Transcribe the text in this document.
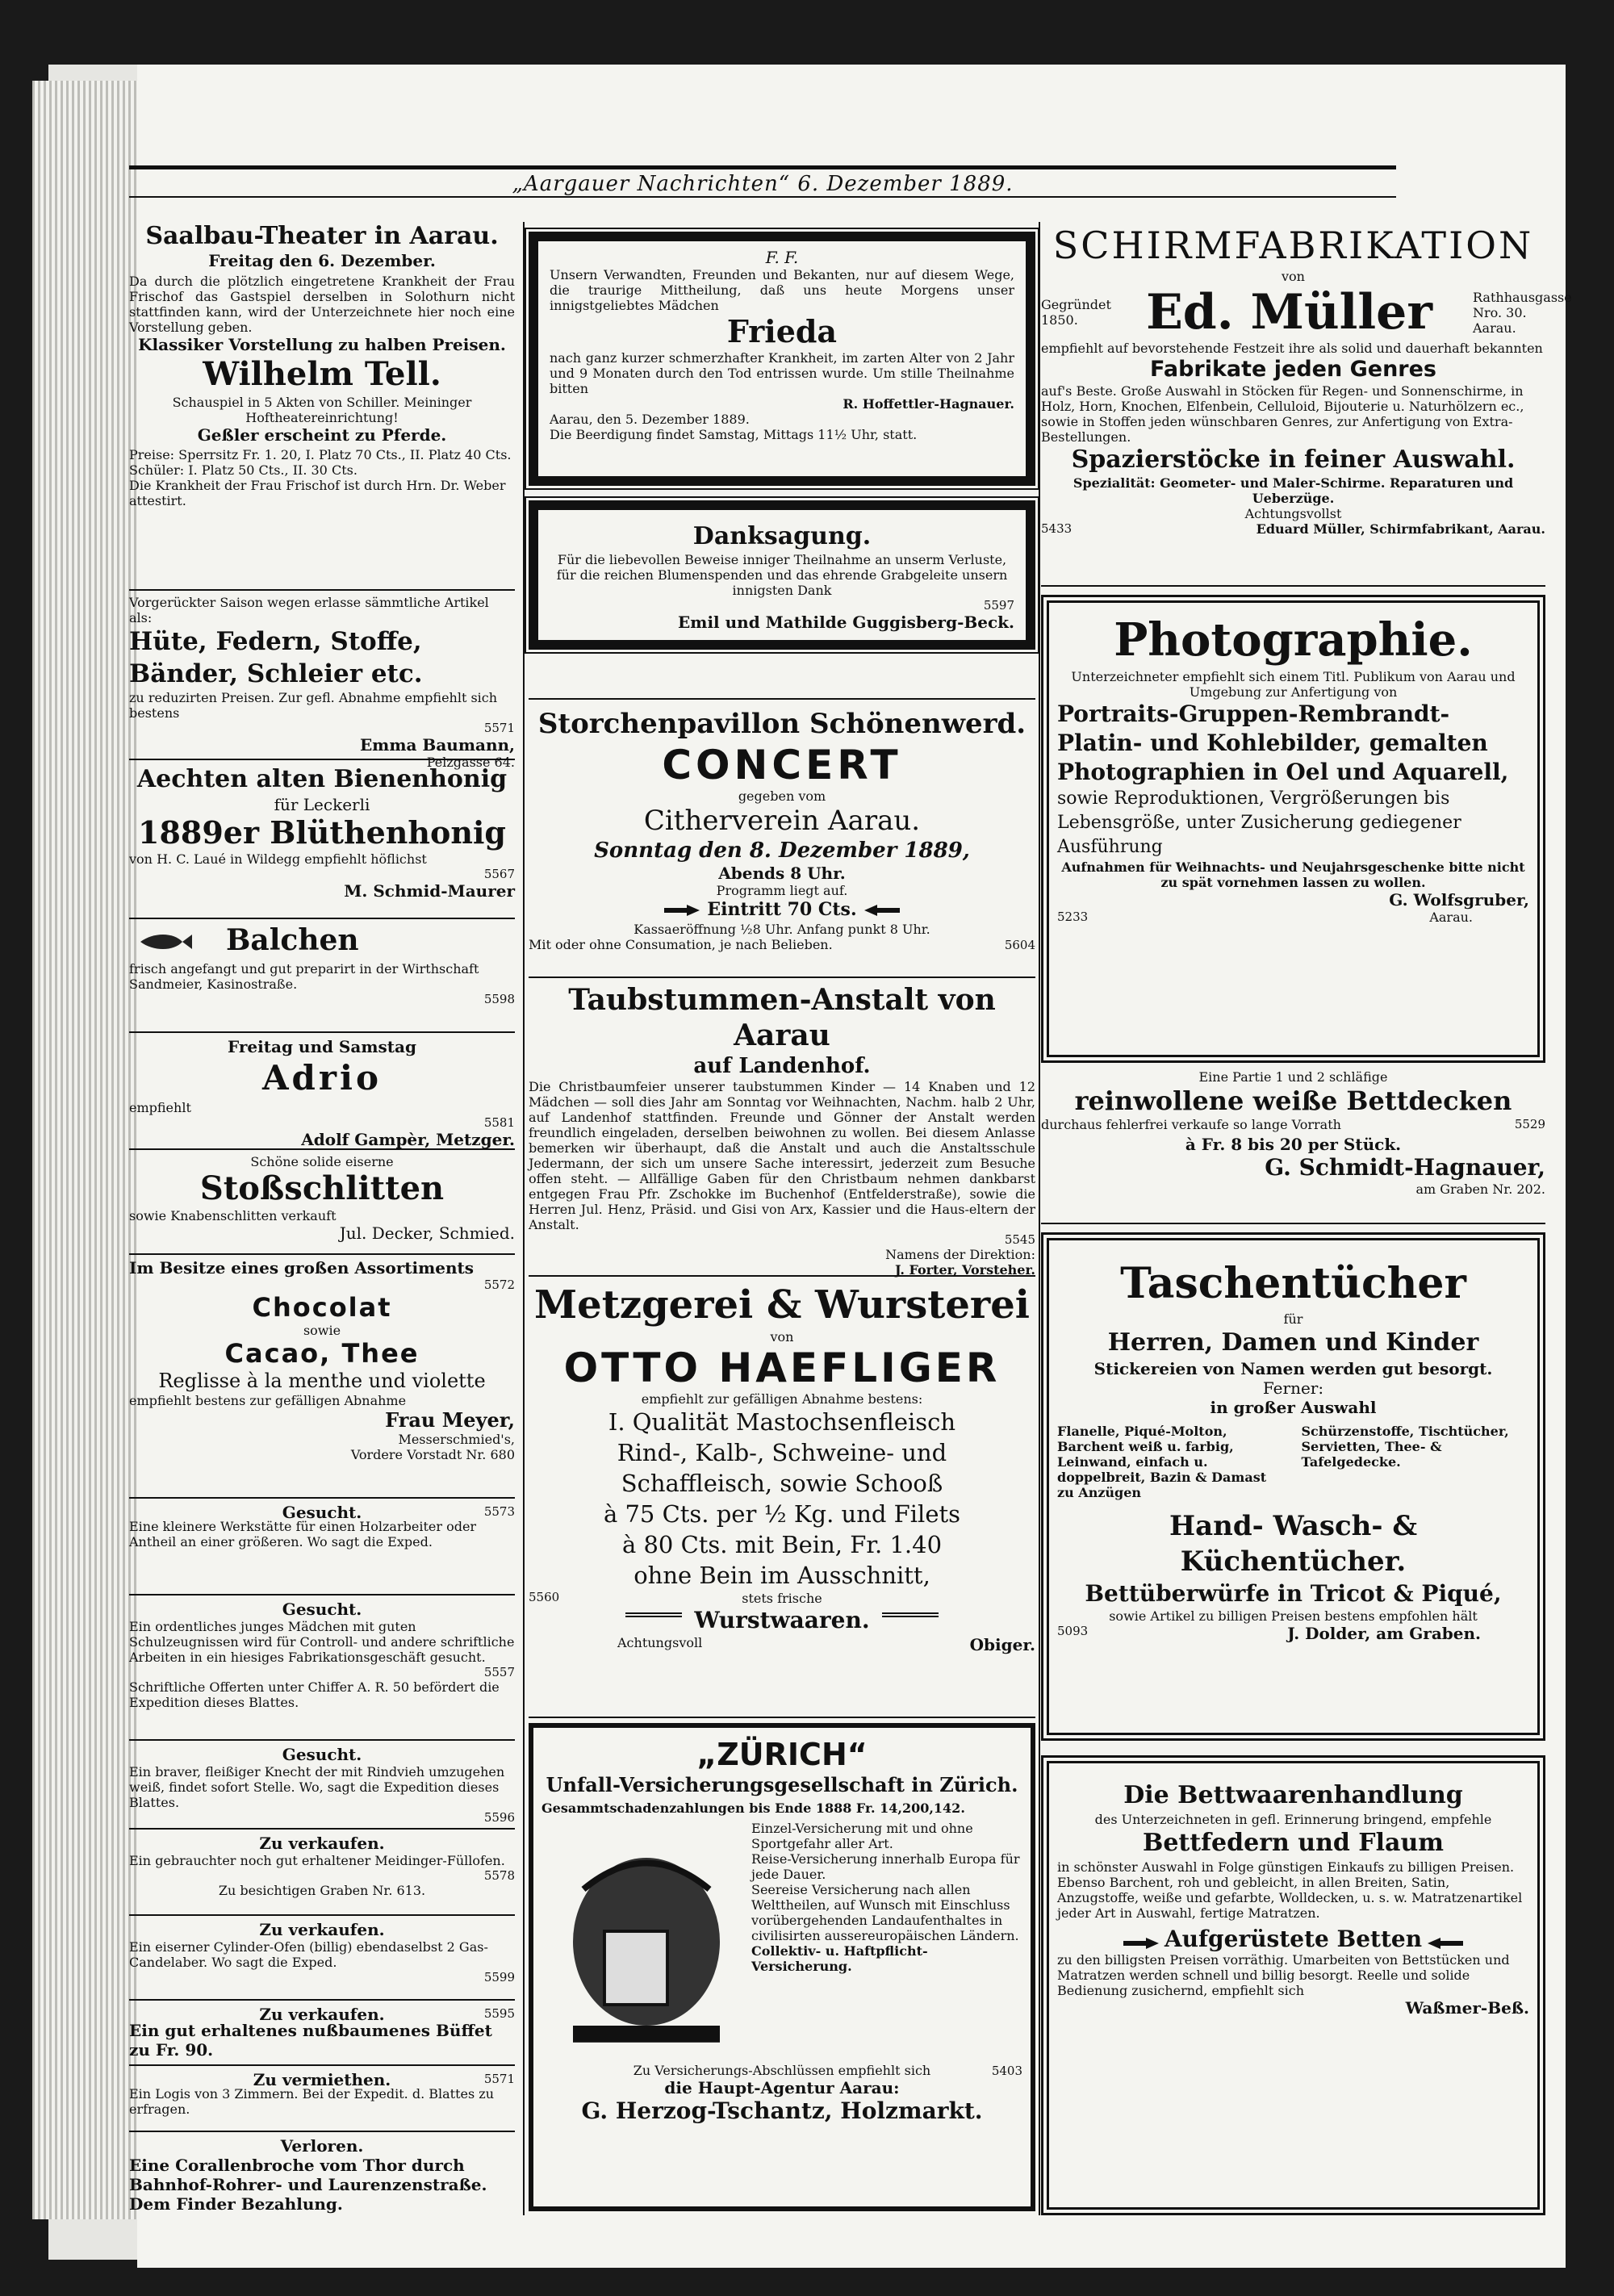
„Aargauer Nachrichten“ 6. Dezember 1889.
Saalbau-Theater in Aarau.
Freitag den 6. Dezember.
Da durch die plötzlich eingetretene Krankheit der Frau Frischof das Gastspiel derselben in Solothurn nicht stattfinden kann, wird der Unterzeichnete hier noch eine Vorstellung geben.
Klassiker Vorstellung zu halben Preisen.
Wilhelm Tell.
Schauspiel in 5 Akten von Schiller. Meininger Hoftheatereinrichtung!
Geßler erscheint zu Pferde.
Preise: Sperrsitz Fr. 1. 20, I. Platz 70 Cts., II. Platz 40 Cts. Schüler: I. Platz 50 Cts., II. 30 Cts.
Die Krankheit der Frau Frischof ist durch Hrn. Dr. Weber attestirt.
Vorgerückter Saison wegen erlasse sämmtliche Artikel als:
Hüte, Federn, Stoffe, Bänder, Schleier etc.
zu reduzirten Preisen. Zur gefl. Abnahme empfiehlt sich bestens
5571
Emma Baumann,
Pelzgasse 64.
Aechten alten Bienenhonig
für Leckerli
1889er Blüthenhonig
von H. C. Laué in Wildegg empfiehlt höflichst
5567
M. Schmid-Maurer
Balchen
frisch angefangt und gut preparirt in der Wirthschaft Sandmeier, Kasinostraße.
5598
Freitag und Samstag
Adrio
empfiehlt
5581
Adolf Gampèr, Metzger.
Schöne solide eiserne
Stoßschlitten
sowie Knabenschlitten verkauft
Jul. Decker, Schmied.
Im Besitze eines großen Assortiments
5572
Chocolat
sowie
Cacao, Thee
Reglisse à la menthe und violette
empfiehlt bestens zur gefälligen Abnahme
Frau Meyer,
Messerschmied's,
Vordere Vorstadt Nr. 680
Gesucht.	5573
Eine kleinere Werkstätte für einen Holzarbeiter oder Antheil an einer größeren. Wo sagt die Exped.
Gesucht.
Ein ordentliches junges Mädchen mit guten Schulzeugnissen wird für Controll- und andere schriftliche Arbeiten in ein hiesiges Fabrikationsgeschäft gesucht.
5557
Schriftliche Offerten unter Chiffer A. R. 50 befördert die Expedition dieses Blattes.
Gesucht.
Ein braver, fleißiger Knecht der mit Rindvieh umzugehen weiß, findet sofort Stelle. Wo, sagt die Expedition dieses Blattes.
5596
Zu verkaufen.
Ein gebrauchter noch gut erhaltener Meidinger-Füllofen.
5578
Zu besichtigen Graben Nr. 613.
Zu verkaufen.
Ein eiserner Cylinder-Ofen (billig) ebendaselbst 2 Gas-Candelaber. Wo sagt die Exped.
5599
Zu verkaufen.	5595
Ein gut erhaltenes nußbaumenes Büffet zu Fr. 90.
Zu vermiethen.	5571
Ein Logis von 3 Zimmern. Bei der Expedit. d. Blattes zu erfragen.
Verloren.
Eine Corallenbroche vom Thor durch Bahnhof-Rohrer- und Laurenzenstraße. Dem Finder Bezahlung.
F. F.
Unsern Verwandten, Freunden und Bekanten, nur auf diesem Wege, die traurige Mittheilung, daß uns heute Morgens unser innigstgeliebtes Mädchen
Frieda
nach ganz kurzer schmerzhafter Krankheit, im zarten Alter von 2 Jahr und 9 Monaten durch den Tod entrissen wurde. Um stille Theilnahme bitten
R. Hoffettler-Hagnauer.
Aarau, den 5. Dezember 1889.
Die Beerdigung findet Samstag, Mittags 11½ Uhr, statt.
Danksagung.
Für die liebevollen Beweise inniger Theilnahme an unserm Verluste, für die reichen Blumenspenden und das ehrende Grabgeleite unsern innigsten Dank
5597
Emil und Mathilde Guggisberg-Beck.
Storchenpavillon Schönenwerd.
CONCERT
gegeben vom
Citherverein Aarau.
Sonntag den 8. Dezember 1889,
Abends 8 Uhr.
Programm liegt auf.
Eintritt 70 Cts.
Kassaeröffnung ½8 Uhr. Anfang punkt 8 Uhr.
Mit oder ohne Consumation, je nach Belieben.	5604
Taubstummen-Anstalt von Aarau
auf Landenhof.
Die Christbaumfeier unserer taubstummen Kinder — 14 Knaben und 12 Mädchen — soll dies Jahr am Sonntag vor Weihnachten, Nachm. halb 2 Uhr, auf Landenhof stattfinden. Freunde und Gönner der Anstalt werden freundlich eingeladen, derselben beiwohnen zu wollen. Bei diesem Anlasse bemerken wir überhaupt, daß die Anstalt und auch die Anstaltsschule Jedermann, der sich um unsere Sache interessirt, jederzeit zum Besuche offen steht. — Allfällige Gaben für den Christbaum nehmen dankbarst entgegen Frau Pfr. Zschokke im Buchenhof (Entfelderstraße), sowie die Herren Jul. Henz, Präsid. und Gisi von Arx, Kassier und die Haus-eltern der Anstalt.
5545
Namens der Direktion:
J. Forter, Vorsteher.
Metzgerei & Wursterei
von
OTTO HAEFLIGER
empfiehlt zur gefälligen Abnahme bestens:
I. Qualität Mastochsenfleisch
Rind-, Kalb-, Schweine- und
Schaffleisch, sowie Schooß
à 75 Cts. per ½ Kg. und Filets
à 80 Cts. mit Bein, Fr. 1.40
ohne Bein im Ausschnitt,
stets frische
5560
Wurstwaaren.
Achtungsvoll	Obiger.
„ZÜRICH“
Unfall-Versicherungsgesellschaft in Zürich.
Gesammtschadenzahlungen bis Ende 1888 Fr. 14,200,142.
Einzel-Versicherung mit und ohne Sportgefahr aller Art.
Reise-Versicherung innerhalb Europa für jede Dauer.
Seereise Versicherung nach allen Welttheilen, auf Wunsch mit Einschluss vorübergehenden Landaufenthaltes in civilisirten aussereuropäischen Ländern.
Collektiv- u. Haftpflicht-Versicherung.
Zu Versicherungs-Abschlüssen empfiehlt sich	5403
die Haupt-Agentur Aarau:
G. Herzog-Tschantz, Holzmarkt.
SCHIRMFABRIKATION
von
Gegründet 1850.	Ed. Müller	Rathhausgasse Nro. 30. Aarau.
empfiehlt auf bevorstehende Festzeit ihre als solid und dauerhaft bekannten
Fabrikate jeden Genres
auf's Beste. Große Auswahl in Stöcken für Regen- und Sonnenschirme, in Holz, Horn, Knochen, Elfenbein, Celluloid, Bijouterie u. Naturhölzern ec., sowie in Stoffen jeden wünschbaren Genres, zur Anfertigung von Extra-Bestellungen.
Spazierstöcke in feiner Auswahl.
Spezialität: Geometer- und Maler-Schirme. Reparaturen und Ueberzüge.
Achtungsvollst
5433	Eduard Müller, Schirmfabrikant, Aarau.
Photographie.
Unterzeichneter empfiehlt sich einem Titl. Publikum von Aarau und Umgebung zur Anfertigung von
Portraits-Gruppen-Rembrandt-
Platin- und Kohlebilder, gemalten
Photographien in Oel und Aquarell,
sowie Reproduktionen, Vergrößerungen bis Lebensgröße, unter Zusicherung gediegener Ausführung
Aufnahmen für Weihnachts- und Neujahrsgeschenke bitte nicht zu spät vornehmen lassen zu wollen.
G. Wolfsgruber,
5233	Aarau.
Eine Partie 1 und 2 schläfige
reinwollene weiße Bettdecken
durchaus fehlerfrei verkaufe so lange Vorrath	5529
à Fr. 8 bis 20 per Stück.
G. Schmidt-Hagnauer,
am Graben Nr. 202.
Taschentücher
für
Herren, Damen und Kinder
Stickereien von Namen werden gut besorgt.
Ferner:
in großer Auswahl
Flanelle, Piqué-Molton, Barchent weiß u. farbig, Leinwand, einfach u. doppelbreit, Bazin & Damast zu Anzügen
Schürzenstoffe, Tischtücher, Servietten, Thee- & Tafelgedecke.
Hand- Wasch- & Küchentücher.
Bettüberwürfe in Tricot & Piqué,
sowie Artikel zu billigen Preisen bestens empfohlen hält
5093	J. Dolder, am Graben.
Die Bettwaarenhandlung
des Unterzeichneten in gefl. Erinnerung bringend, empfehle
Bettfedern und Flaum
in schönster Auswahl in Folge günstigen Einkaufs zu billigen Preisen. Ebenso Barchent, roh und gebleicht, in allen Breiten, Satin, Anzugstoffe, weiße und gefarbte, Wolldecken, u. s. w. Matratzenartikel jeder Art in Auswahl, fertige Matratzen.
Aufgerüstete Betten
zu den billigsten Preisen vorräthig. Umarbeiten von Bettstücken und Matratzen werden schnell und billig besorgt. Reelle und solide Bedienung zusichernd, empfiehlt sich
Waßmer-Beß.
